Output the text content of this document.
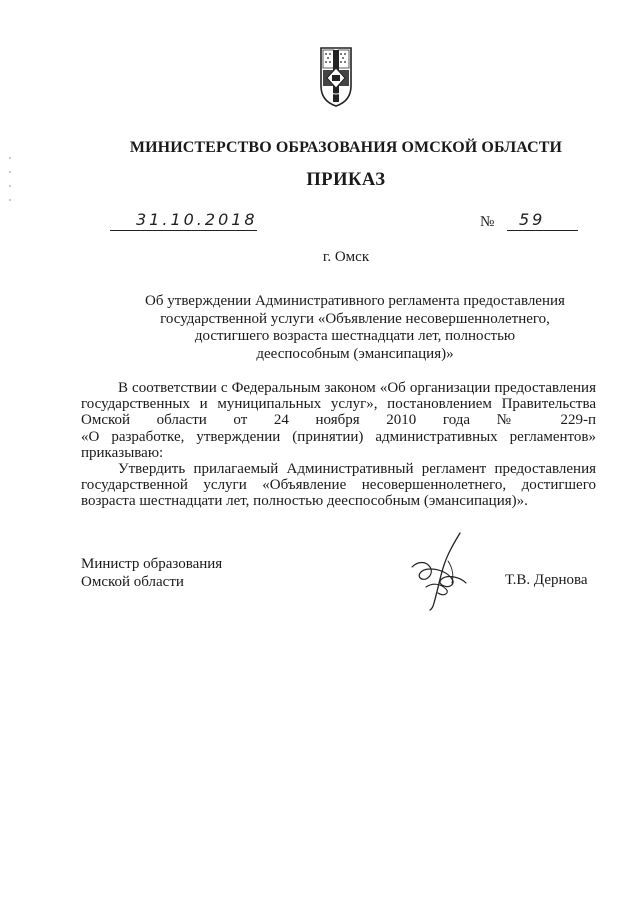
МИНИСТЕРСТВО ОБРАЗОВАНИЯ ОМСКОЙ ОБЛАСТИ
ПРИКАЗ
31.10.2018	№ 59
г. Омск
Об утверждении Административного регламента предоставления
государственной услуги «Объявление несовершеннолетнего,
достигшего возраста шестнадцати лет, полностью
дееспособным (эмансипация)»
В соответствии с Федеральным законом «Об организации предоставления
государственных и муниципальных услуг», постановлением Правительства
Омской области от 24 ноября 2010 года № 229-п
«О разработке, утверждении (принятии) административных регламентов»
приказываю:
Утвердить прилагаемый Административный регламент предоставления
государственной услуги «Объявление несовершеннолетнего, достигшего
возраста шестнадцати лет, полностью дееспособным (эмансипация)».
Министр образования
Омской области	Т.В. Дернова
